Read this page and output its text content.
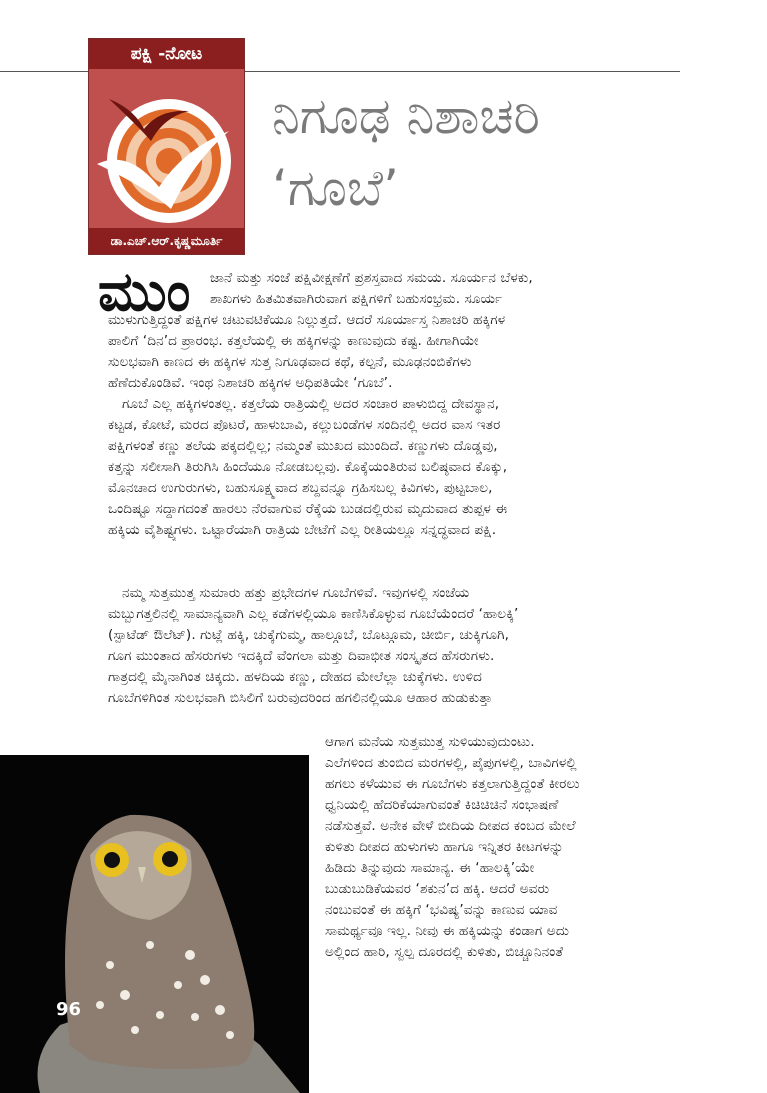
ಪಕ್ಷಿ -ನೋಟ
ಡಾ.ಎಚ್.ಆರ್.ಕೃಷ್ಣಮೂರ್ತಿ
ನಿಗೂಢ ನಿಶಾಚರಿ
‘ಗೂಬೆ’
ಮುಂ ಜಾನೆ ಮತ್ತು ಸಂಜೆ ಪಕ್ಷಿವೀಕ್ಷಣೆಗೆ ಪ್ರಶಸ್ತವಾದ ಸಮಯ. ಸೂರ್ಯನ ಬೆಳಕು,
ಶಾಖಗಳು ಹಿತಮಿತವಾಗಿರುವಾಗ ಪಕ್ಷಿಗಳಿಗೆ ಬಹುಸಂಭ್ರಮ. ಸೂರ್ಯ
ಮುಳುಗುತ್ತಿದ್ದಂತೆ ಪಕ್ಷಿಗಳ ಚಟುವಟಿಕೆಯೂ ನಿಲ್ಲುತ್ತದೆ. ಆದರೆ ಸೂರ್ಯಾಸ್ತ ನಿಶಾಚರಿ ಹಕ್ಕಿಗಳ
ಪಾಲಿಗೆ ‘ದಿನ’ದ ಪ್ರಾರಂಭ. ಕತ್ತಲೆಯಲ್ಲಿ ಈ ಹಕ್ಕಿಗಳನ್ನು ಕಾಣುವುದು ಕಷ್ಟ. ಹೀಗಾಗಿಯೇ
ಸುಲಭವಾಗಿ ಕಾಣದ ಈ ಹಕ್ಕಿಗಳ ಸುತ್ತ ನಿಗೂಢವಾದ ಕಥೆ, ಕಲ್ಪನೆ, ಮೂಢನಂಬಿಕೆಗಳು
ಹೆಣೆದುಕೊಂಡಿವೆ. ಇಂಥ ನಿಶಾಚರಿ ಹಕ್ಕಿಗಳ ಅಧಿಪತಿಯೇ ‘ಗೂಬೆ’.
ಗೂಬೆ ಎಲ್ಲ ಹಕ್ಕಿಗಳಂತಲ್ಲ. ಕತ್ತಲೆಯ ರಾತ್ರಿಯಲ್ಲಿ ಅದರ ಸಂಚಾರ ಪಾಳುಬಿದ್ದ ದೇವಸ್ಥಾನ,
ಕಟ್ಟಡ, ಕೋಟೆ, ಮರದ ಪೊಟರೆ, ಹಾಳುಬಾವಿ, ಕಲ್ಲುಬಂಡೆಗಳ ಸಂದಿನಲ್ಲಿ ಅದರ ವಾಸ ಇತರ
ಪಕ್ಷಿಗಳಂತೆ ಕಣ್ಣು ತಲೆಯ ಪಕ್ಕದಲ್ಲಿಲ್ಲ; ನಮ್ಮಂತೆ ಮುಖದ ಮುಂದಿದೆ. ಕಣ್ಣುಗಳು ದೊಡ್ಡವು,
ಕತ್ತನ್ನು ಸಲೀಸಾಗಿ ತಿರುಗಿಸಿ ಹಿಂದೆಯೂ ನೋಡಬಲ್ಲವು. ಕೊಕ್ಕೆಯಂತಿರುವ ಬಲಿಷ್ಠವಾದ ಕೊಕ್ಕು,
ಮೊನಚಾದ ಉಗುರುಗಳು, ಬಹುಸೂಕ್ಷ್ಮವಾದ ಶಬ್ದವನ್ನೂ ಗ್ರಹಿಸಬಲ್ಲ ಕಿವಿಗಳು, ಪುಟ್ಟಬಾಲ,
ಒಂದಿಷ್ಟೂ ಸದ್ದಾಗದಂತೆ ಹಾರಲು ನೆರವಾಗುವ ರೆಕ್ಕೆಯ ಬುಡದಲ್ಲಿರುವ ಮೃದುವಾದ ತುಪ್ಪಳ ಈ
ಹಕ್ಕಿಯ ವೈಶಿಷ್ಟ್ಯಗಳು. ಒಟ್ಟಾರೆಯಾಗಿ ರಾತ್ರಿಯ ಬೇಟೆಗೆ ಎಲ್ಲ ರೀತಿಯಲ್ಲೂ ಸನ್ನದ್ಧವಾದ ಪಕ್ಷಿ.
ನಮ್ಮ ಸುತ್ತಮುತ್ತ ಸುಮಾರು ಹತ್ತು ಪ್ರಭೇದಗಳ ಗೂಬೆಗಳಿವೆ. ಇವುಗಳಲ್ಲಿ ಸಂಜೆಯ
ಮಬ್ಬುಗತ್ತಲಿನಲ್ಲಿ ಸಾಮಾನ್ಯವಾಗಿ ಎಲ್ಲ ಕಡೆಗಳಲ್ಲಿಯೂ ಕಾಣಿಸಿಕೊಳ್ಳುವ ಗೂಬೆಯೆಂದರೆ ‘ಹಾಲಕ್ಕಿ’
(ಸ್ಪಾಟೆಡ್ ಔಲೆಟ್). ಗುಟ್ಲೆ ಹಕ್ಕಿ, ಚುಕ್ಕೆಗುಮ್ಮ, ಹಾಲ್ಗೂಬೆ, ಬೊಟ್ಗೂಮ, ಚೀರ್ಬಿ, ಚುಕ್ಕಿಗೂಗಿ,
ಗೂಗ ಮುಂತಾದ ಹೆಸರುಗಳು ಇದಕ್ಕಿದೆ ವೆಂಗಲಾ ಮತ್ತು ದಿವಾಭೀತ ಸಂಸ್ಕೃತದ ಹೆಸರುಗಳು.
ಗಾತ್ರದಲ್ಲಿ ಮೈನಾಗಿಂತ ಚಿಕ್ಕದು. ಹಳದಿಯ ಕಣ್ಣು, ದೇಹದ ಮೇಲೆಲ್ಲಾ ಚುಕ್ಕೆಗಳು. ಉಳಿದ
ಗೂಬೆಗಳಿಗಿಂತ ಸುಲಭವಾಗಿ ಬಿಸಿಲಿಗೆ ಬರುವುದರಿಂದ ಹಗಲಿನಲ್ಲಿಯೂ ಆಹಾರ ಹುಡುಕುತ್ತಾ
ಆಗಾಗ ಮನೆಯ ಸುತ್ತಮುತ್ತ ಸುಳಿಯುವುದುಂಟು.
ಎಲೆಗಳಿಂದ ತುಂಬಿದ ಮರಗಳಲ್ಲಿ, ಪೈಪುಗಳಲ್ಲಿ, ಬಾವಿಗಳಲ್ಲಿ
ಹಗಲು ಕಳೆಯುವ ಈ ಗೂಬೆಗಳು ಕತ್ತಲಾಗುತ್ತಿದ್ದಂತೆ ಕೀರಲು
ಧ್ವನಿಯಲ್ಲಿ ಹೆದರಿಕೆಯಾಗುವಂತೆ ಕಿಚಿಚಿಚಿನೆ ಸಂಭಾಷಣೆ
ನಡೆಸುತ್ತವೆ. ಅನೇಕ ವೇಳೆ ಬೀದಿಯ ದೀಪದ ಕಂಬದ ಮೇಲೆ
ಕುಳಿತು ದೀಪದ ಹುಳುಗಳು ಹಾಗೂ ಇನ್ನಿತರ ಕೀಟಗಳನ್ನು
ಹಿಡಿದು ತಿನ್ನುವುದು ಸಾಮಾನ್ಯ. ಈ ‘ಹಾಲಕ್ಕಿ’ಯೇ
ಬುಡುಬುಡಿಕೆಯವರ ‘ಶಕುನ’ದ ಹಕ್ಕಿ. ಆದರೆ ಅವರು
ನಂಬುವಂತೆ ಈ ಹಕ್ಕಿಗೆ ‘ಭವಿಷ್ಯ’ವನ್ನು ಕಾಣುವ ಯಾವ
ಸಾಮರ್ಥ್ಯವೂ ಇಲ್ಲ. ನೀವು ಈ ಹಕ್ಕಿಯನ್ನು ಕಂಡಾಗ ಅದು
ಅಲ್ಲಿಂದ ಹಾರಿ, ಸ್ವಲ್ಪ ದೂರದಲ್ಲಿ ಕುಳಿತು, ಬಿಚ್ಚೂನಿನಂತೆ
96
